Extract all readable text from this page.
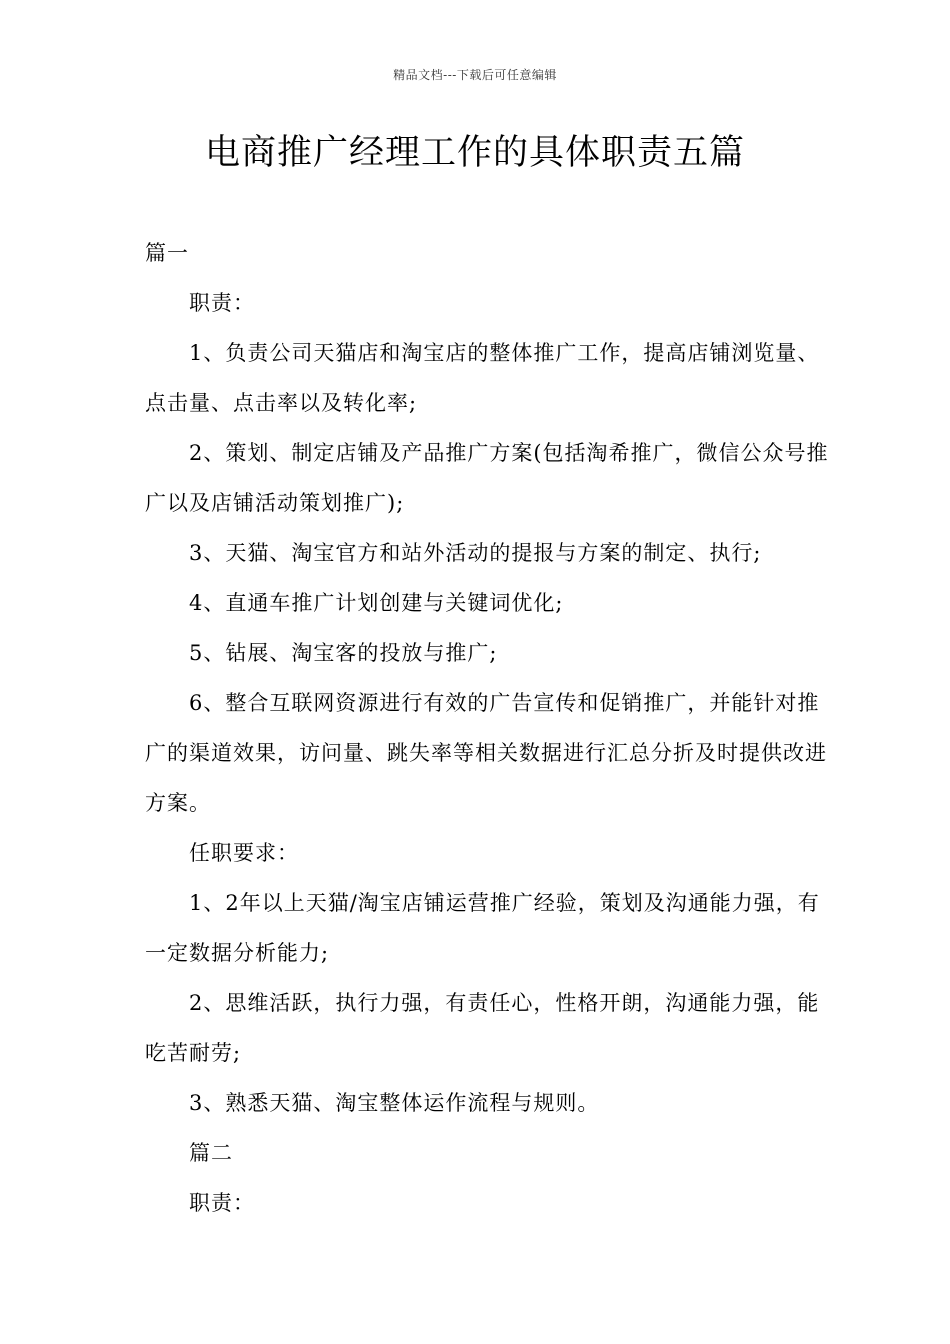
精品文档---下载后可任意编辑
电商推广经理工作的具体职责五篇

篇一

职责：

1、负责公司天猫店和淘宝店的整体推广工作，提高店铺浏览量、点击量、点击率以及转化率;

2、策划、制定店铺及产品推广方案(包括淘希推广，微信公众号推广以及店铺活动策划推广);

3、天猫、淘宝官方和站外活动的提报与方案的制定、执行;

4、直通车推广计划创建与关键词优化;

5、钻展、淘宝客的投放与推广;

6、整合互联网资源进行有效的广告宣传和促销推广，并能针对推广的渠道效果，访问量、跳失率等相关数据进行汇总分折及时提供改进方案。

任职要求：

1、2年以上天猫/淘宝店铺运营推广经验，策划及沟通能力强，有一定数据分析能力;

2、思维活跃，执行力强，有责任心，性格开朗，沟通能力强，能吃苦耐劳;

3、熟悉天猫、淘宝整体运作流程与规则。

篇二

职责：
